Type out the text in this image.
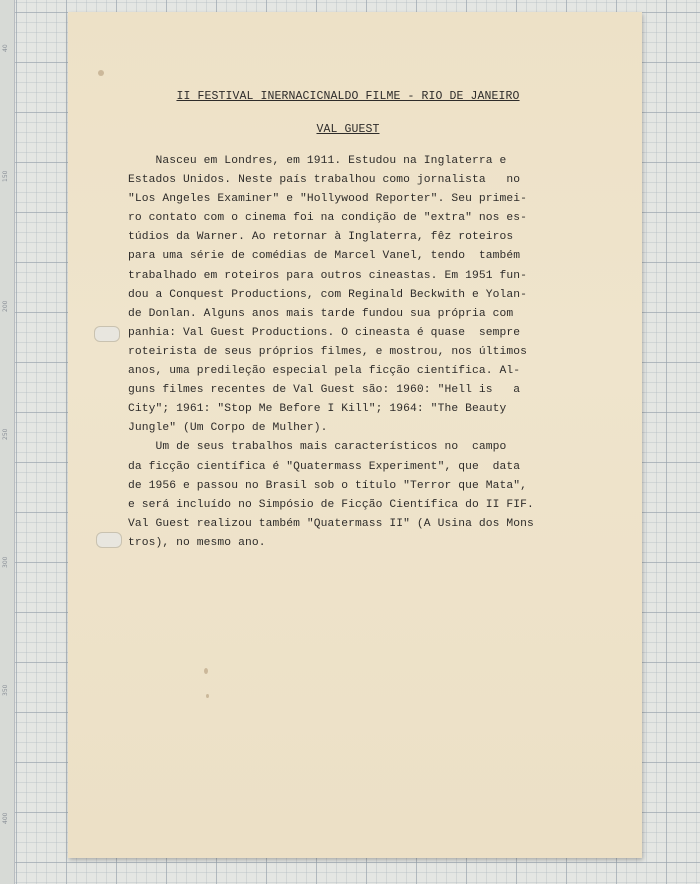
40
150
200
250
300
350
400

II FESTIVAL INERNACICNALDO FILME - RIO DE JANEIRO

VAL GUEST

Nasceu em Londres, em 1911. Estudou na Inglaterra e
Estados Unidos. Neste país trabalhou como jornalista   no
"Los Angeles Examiner" e "Hollywood Reporter". Seu primei-
ro contato com o cinema foi na condição de "extra" nos es-
túdios da Warner. Ao retornar à Inglaterra, fêz roteiros
para uma série de comédias de Marcel Vanel, tendo  também
trabalhado em roteiros para outros cineastas. Em 1951 fun-
dou a Conquest Productions, com Reginald Beckwith e Yolan-
de Donlan. Alguns anos mais tarde fundou sua própria com
panhia: Val Guest Productions. O cineasta é quase  sempre
roteirista de seus próprios filmes, e mostrou, nos últimos
anos, uma predileção especial pela ficção científica. Al-
guns filmes recentes de Val Guest são: 1960: "Hell is   a
City"; 1961: "Stop Me Before I Kill"; 1964: "The Beauty
Jungle" (Um Corpo de Mulher).
Um de seus trabalhos mais característicos no  campo
da ficção científica é "Quatermass Experiment", que  data
de 1956 e passou no Brasil sob o título "Terror que Mata",
e será incluído no Simpósio de Ficção Científica do II FIF.
Val Guest realizou também "Quatermass II" (A Usina dos Mons
tros), no mesmo ano.
